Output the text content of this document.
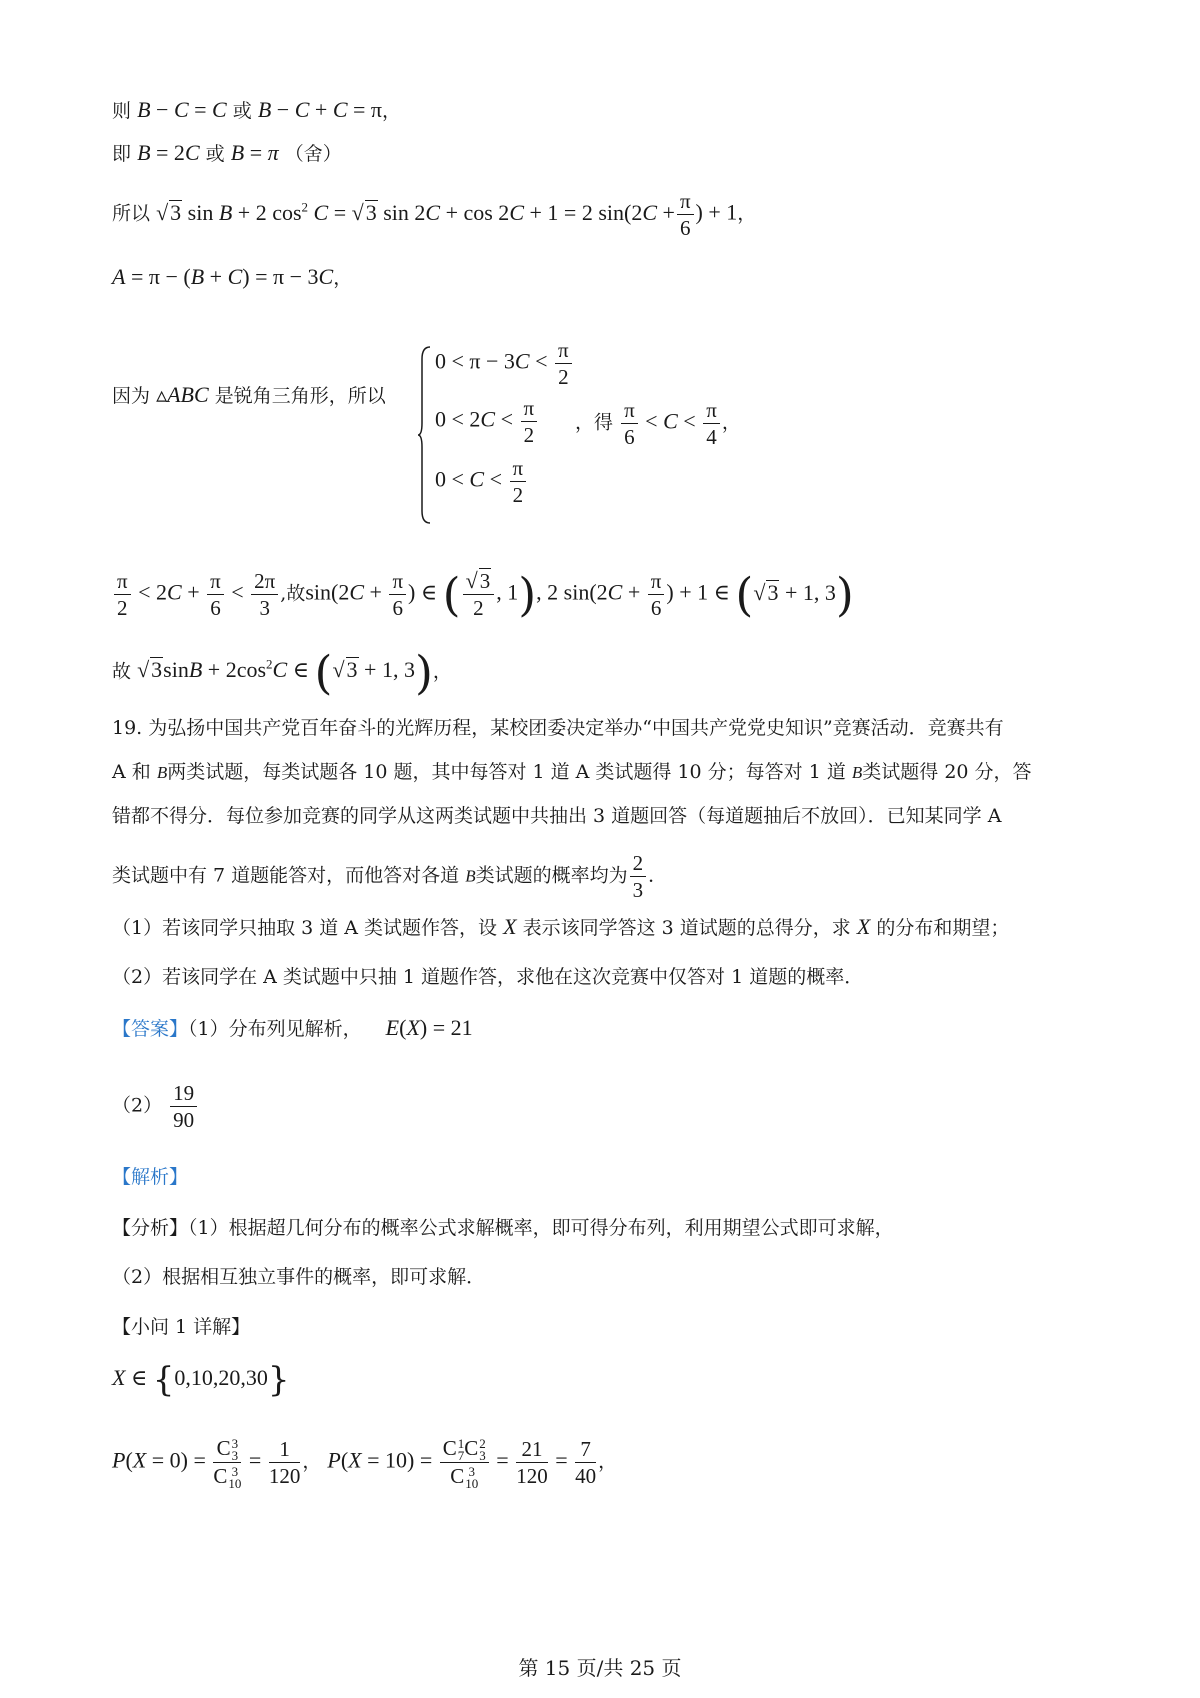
则 B − C = C 或 B − C + C = π，
即 B = 2C 或 B = π （舍）
所以 √3 sin B + 2 $\cos^2 C = √3$ sin 2C + cos 2C + 1 = 2 $\sin(2C + \frac{\pi}{6}$ ) + 1，
A = π − (B + C) = π − 3C，
因为 ▵ABC 是锐角三角形，所以
$0 < \pi - 3C < \frac{\pi}{2}$
$0 < 2C < \frac{\pi}{2}$
$0 < C < \frac{\pi}{2}$
，得 $\frac{\pi}{6} < C < \frac{\pi}{4}$ ，
$\frac{\pi}{2} < 2C + \frac{\pi}{6} < \frac{2\pi}{3}$ ,故$\sin(2C + \frac{\pi}{6}$ ) ∈ ( $\frac{√3}{2}$ , 1), 2 $\sin(2C + \frac{\pi}{6}$ ) + 1 ∈ (√3 + 1, 3)
故 $√3\sin B + 2\cos^2C$ ∈ (√3 + 1, 3)，
19. 为弘扬中国共产党百年奋斗的光辉历程，某校团委决定举办“中国共产党党史知识”竞赛活动．竞赛共有
A 和 B两类试题，每类试题各 10 题，其中每答对 1 道 A 类试题得 10 分；每答对 1 道 B类试题得 20 分，答
错都不得分．每位参加竞赛的同学从这两类试题中共抽出 3 道题回答（每道题抽后不放回）．已知某同学 A
类试题中有 7 道题能答对，而他答对各道 B类试题的概率均为 $\frac{2}{3}$ ．
（1）若该同学只抽取 3 道 A 类试题作答，设 X 表示该同学答这 3 道试题的总得分，求 X 的分布和期望；
（2）若该同学在 A 类试题中只抽 1 道题作答，求他在这次竞赛中仅答对 1 道题的概率．
【答案】（1）分布列见解析， E(X) = 21
$(2) \frac{19}{90}$
【解析】
【分析】（1）根据超几何分布的概率公式求解概率，即可得分布列，利用期望公式即可求解，
（2）根据相互独立事件的概率，即可求解．
【小问 1 详解】
X ∈ {0,10,20,30}
P(X = 0) = C3
3
C 3
10
= $\frac{1}{120}$ ， P(X = 10) = C1
7C2
3
C 3
10
= $\frac{21}{120} = \frac{7}{40}$ ，
第 15 页/共 25 页
